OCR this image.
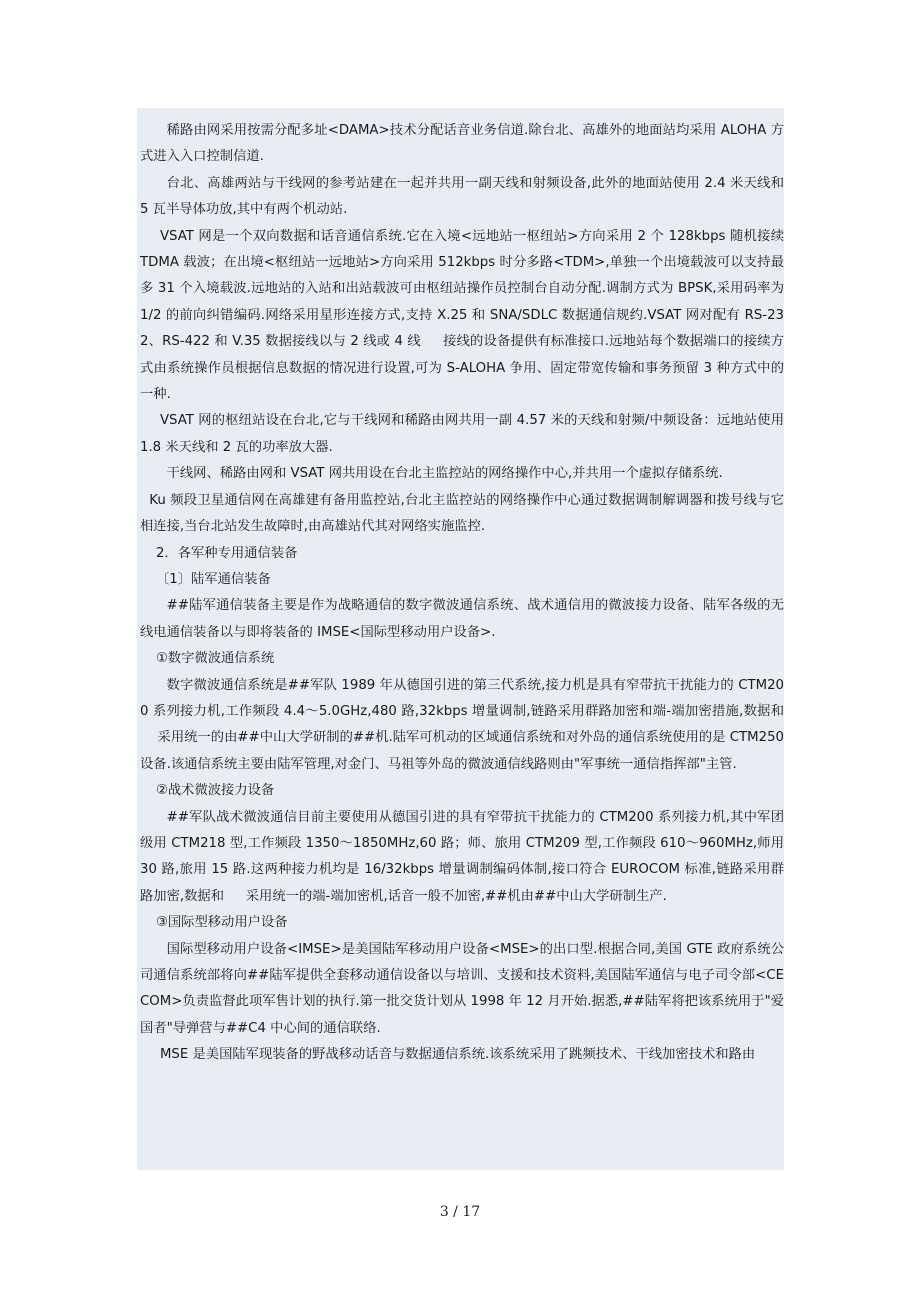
稀路由网采用按需分配多址<DAMA>技术分配话音业务信道.除台北、高雄外的地面站均采用 ALOHA 方式进入入口控制信道.

台北、高雄两站与干线网的参考站建在一起并共用一副天线和射频设备,此外的地面站使用 2.4 米天线和 5 瓦半导体功放,其中有两个机动站.

VSAT 网是一个双向数据和话音通信系统.它在入境<远地站一枢纽站>方向采用 2 个 128kbps 随机接续 TDMA 载波；在出境<枢纽站一远地站>方向采用 512kbps 时分多路<TDM>,单独一个出境载波可以支持最多 31 个入境载波.远地站的入站和出站载波可由枢纽站操作员控制台自动分配.调制方式为 BPSK,采用码率为 1/2 的前向纠错编码.网络采用星形连接方式,支持 X.25 和 SNA/SDLC 数据通信规约.VSAT 网对配有 RS-232、RS-422 和 V.35 数据接线以与 2 线或 4 线 　 接线的设备提供有标准接口.远地站每个数据端口的接续方式由系统操作员根据信息数据的情况进行设置,可为 S-ALOHA 争用、固定带宽传输和事务预留 3 种方式中的一种.

VSAT 网的枢纽站设在台北,它与干线网和稀路由网共用一副 4.57 米的天线和射频/中频设备：远地站使用 1.8 米天线和 2 瓦的功率放大器.

干线网、稀路由网和 VSAT 网共用设在台北主监控站的网络操作中心,并共用一个虚拟存储系统.

Ku 频段卫星通信网在高雄建有备用监控站,台北主监控站的网络操作中心通过数据调制解调器和拨号线与它相连接,当台北站发生故障时,由高雄站代其对网络实施监控.

2．各军种专用通信装备

〔1〕陆军通信装备

##陆军通信装备主要是作为战略通信的数字微波通信系统、战术通信用的微波接力设备、陆军各级的无线电通信装备以与即将装备的 IMSE<国际型移动用户设备>.

①数字微波通信系统

数字微波通信系统是##军队 1989 年从德国引进的第三代系统,接力机是具有窄带抗干扰能力的 CTM200 系列接力机,工作频段 4.4～5.0GHz,480 路,32kbps 增量调制,链路采用群路加密和端-端加密措施,数据和 　 采用统一的由##中山大学研制的##机.陆军可机动的区域通信系统和对外岛的通信系统使用的是 CTM250 设备.该通信系统主要由陆军管理,对金门、马祖等外岛的微波通信线路则由"军事统一通信指挥部"主管.

②战术微波接力设备

##军队战术微波通信目前主要使用从德国引进的具有窄带抗干扰能力的 CTM200 系列接力机,其中军团级用 CTM218 型,工作频段 1350～1850MHz,60 路；师、旅用 CTM209 型,工作频段 610～960MHz,师用 30 路,旅用 15 路.这两种接力机均是 16/32kbps 增量调制编码体制,接口符合 EUROCOM 标准,链路采用群路加密,数据和 　 采用统一的端-端加密机,话音一般不加密,##机由##中山大学研制生产.

③国际型移动用户设备

国际型移动用户设备<IMSE>是美国陆军移动用户设备<MSE>的出口型.根据合同,美国 GTE 政府系统公司通信系统部将向##陆军提供全套移动通信设备以与培训、支援和技术资料,美国陆军通信与电子司令部<CECOM>负责监督此项军售计划的执行.第一批交货计划从 1998 年 12 月开始.据悉,##陆军将把该系统用于"爱国者"导弹营与##C4 中心间的通信联络.

MSE 是美国陆军现装备的野战移动话音与数据通信系统.该系统采用了跳频技术、干线加密技术和路由

3 / 17
